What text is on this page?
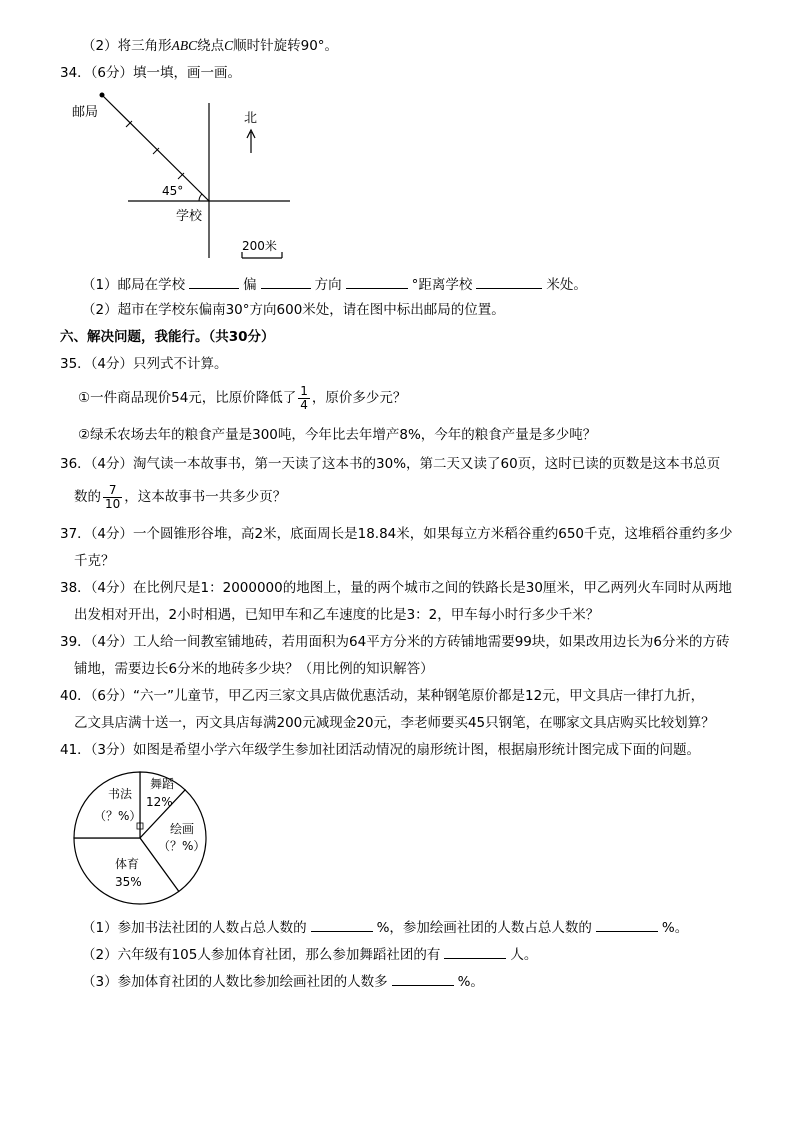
（2）将三角形ABC绕点C顺时针旋转90°。
34．（6分）填一填，画一画。
邮局	北
45°
学校
200米
（1）邮局在学校	偏	方向	°距离学校	米处。
（2）超市在学校东偏南30°方向600米处，请在图中标出邮局的位置。
六、解决问题，我能行。（共30分）
35．（4分）只列式不计算。
①一件商品现价54元，比原价降低了 $\frac{1}{4}$ ，原价多少元？
②绿禾农场去年的粮食产量是300吨，今年比去年增产8%，今年的粮食产量是多少吨？
36．（4分）淘气读一本故事书，第一天读了这本书的30%，第二天又读了60页，这时已读的页数是这本书总页
数的 $\frac{7}{10}$ ，这本故事书一共多少页？
37．（4分）一个圆锥形谷堆，高2米，底面周长是18.84米，如果每立方米稻谷重约650千克，这堆稻谷重约多少
千克？
38．（4分）在比例尺是1：2000000的地图上，量的两个城市之间的铁路长是30厘米，甲乙两列火车同时从两地
出发相对开出，2小时相遇，已知甲车和乙车速度的比是3：2，甲车每小时行多少千米？
39．（4分）工人给一间教室铺地砖，若用面积为64平方分米的方砖铺地需要99块，如果改用边长为6分米的方砖
铺地，需要边长6分米的地砖多少块？（用比例的知识解答）
40．（6分）“六一”儿童节，甲乙丙三家文具店做优惠活动，某种钢笔原价都是12元，甲文具店一律打九折，
乙文具店满十送一，丙文具店每满200元减现金20元，李老师要买45只钢笔，在哪家文具店购买比较划算？
41．（3分）如图是希望小学六年级学生参加社团活动情况的扇形统计图，根据扇形统计图完成下面的问题。
舞蹈
12%
书法
（？%）
绘画
（？%）
体育
35%
（1）参加书法社团的人数占总人数的	%，参加绘画社团的人数占总人数的	%。
（2）六年级有105人参加体育社团，那么参加舞蹈社团的有	人。
（3）参加体育社团的人数比参加绘画社团的人数多	%。
